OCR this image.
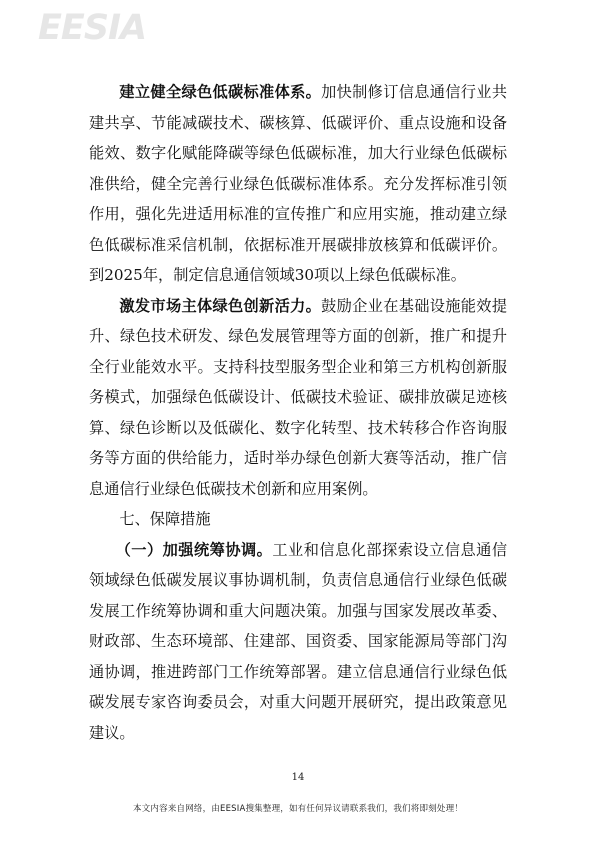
EESIA

建立健全绿色低碳标准体系。加快制修订信息通信行业共建共享、节能减碳技术、碳核算、低碳评价、重点设施和设备能效、数字化赋能降碳等绿色低碳标准，加大行业绿色低碳标准供给，健全完善行业绿色低碳标准体系。充分发挥标准引领作用，强化先进适用标准的宣传推广和应用实施，推动建立绿色低碳标准采信机制，依据标准开展碳排放核算和低碳评价。到2025年，制定信息通信领域30项以上绿色低碳标准。

激发市场主体绿色创新活力。鼓励企业在基础设施能效提升、绿色技术研发、绿色发展管理等方面的创新，推广和提升全行业能效水平。支持科技型服务型企业和第三方机构创新服务模式，加强绿色低碳设计、低碳技术验证、碳排放碳足迹核算、绿色诊断以及低碳化、数字化转型、技术转移合作咨询服务等方面的供给能力，适时举办绿色创新大赛等活动，推广信息通信行业绿色低碳技术创新和应用案例。

七、保障措施

（一）加强统筹协调。工业和信息化部探索设立信息通信领域绿色低碳发展议事协调机制，负责信息通信行业绿色低碳发展工作统筹协调和重大问题决策。加强与国家发展改革委、财政部、生态环境部、住建部、国资委、国家能源局等部门沟通协调，推进跨部门工作统筹部署。建立信息通信行业绿色低碳发展专家咨询委员会，对重大问题开展研究，提出政策意见建议。

14
本文内容来自网络，由EESIA搜集整理，如有任何异议请联系我们，我们将即刻处理！
